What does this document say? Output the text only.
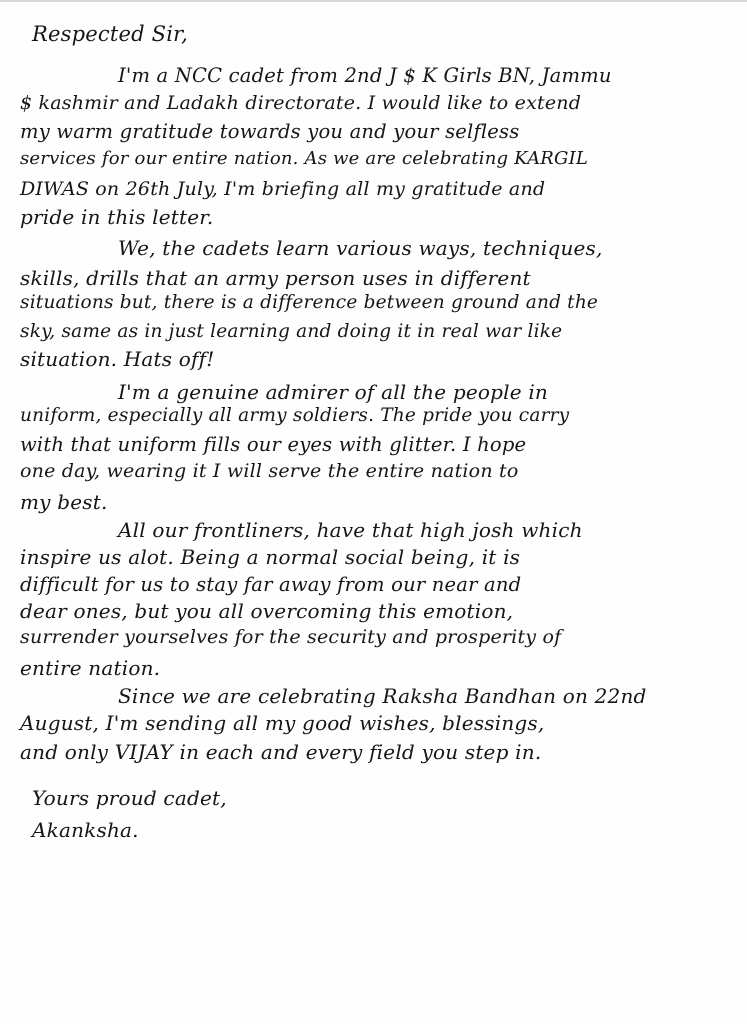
Respected Sir,
I'm a NCC cadet from 2nd J $ K Girls BN, Jammu
$ kashmir and Ladakh directorate. I would like to extend
my warm gratitude towards you and your selfless
services for our entire nation. As we are celebrating KARGIL
DIWAS on 26th July, I'm briefing all my gratitude and
pride in this letter.
We, the cadets learn various ways, techniques,
skills, drills that an army person uses in different
situations but, there is a difference between ground and the
sky, same as in just learning and doing it in real war like
situation. Hats off!
I'm a genuine admirer of all the people in
uniform, especially all army soldiers. The pride you carry
with that uniform fills our eyes with glitter. I hope
one day, wearing it I will serve the entire nation to
my best.
All our frontliners, have that high josh which
inspire us alot. Being a normal social being, it is
difficult for us to stay far away from our near and
dear ones, but you all overcoming this emotion,
surrender yourselves for the security and prosperity of
entire nation.
Since we are celebrating Raksha Bandhan on 22nd
August, I'm sending all my good wishes, blessings,
and only VIJAY in each and every field you step in.
Yours proud cadet,
Akanksha.
